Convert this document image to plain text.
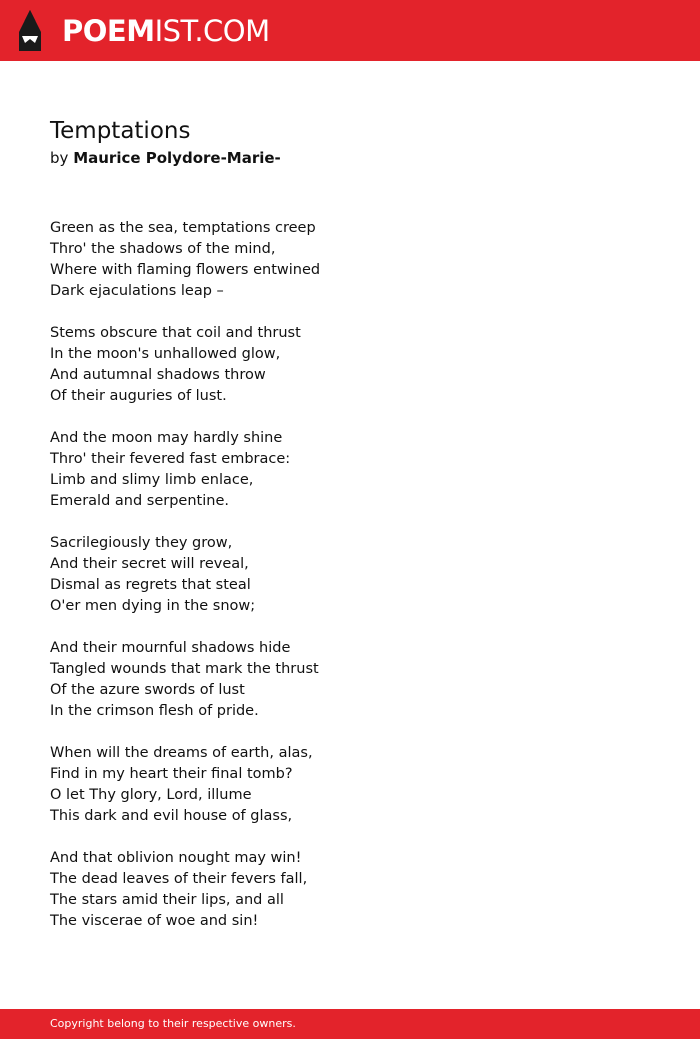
POEMIST.COM
Temptations
by Maurice Polydore-Marie-
Green as the sea, temptations creep
Thro' the shadows of the mind,
Where with flaming flowers entwined
Dark ejaculations leap –
Stems obscure that coil and thrust
In the moon's unhallowed glow,
And autumnal shadows throw
Of their auguries of lust.
And the moon may hardly shine
Thro' their fevered fast embrace:
Limb and slimy limb enlace,
Emerald and serpentine.
Sacrilegiously they grow,
And their secret will reveal,
Dismal as regrets that steal
O'er men dying in the snow;
And their mournful shadows hide
Tangled wounds that mark the thrust
Of the azure swords of lust
In the crimson flesh of pride.
When will the dreams of earth, alas,
Find in my heart their final tomb?
O let Thy glory, Lord, illume
This dark and evil house of glass,
And that oblivion nought may win!
The dead leaves of their fevers fall,
The stars amid their lips, and all
The viscerae of woe and sin!
Copyright belong to their respective owners.
